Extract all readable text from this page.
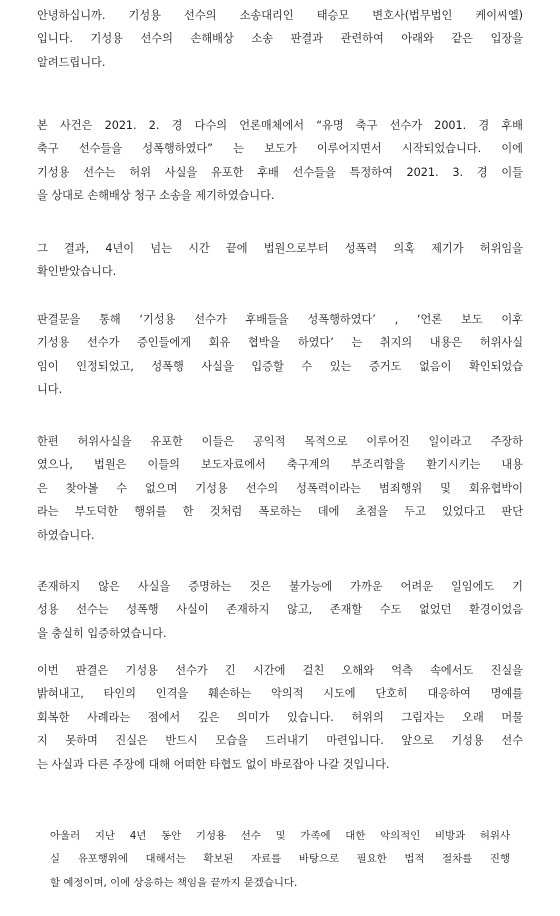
안녕하십니까. 기성용 선수의 소송대리인 태승모 변호사(법무법인 케이씨엘)
입니다. 기성용 선수의 손해배상 소송 판결과 관련하여 아래와 같은 입장을
알려드립니다.

본 사건은 2021. 2. 경 다수의 언론매체에서 “유명 축구 선수가 2001. 경 후배
축구 선수들을 성폭행하였다” 는 보도가 이루어지면서 시작되었습니다. 이에
기성용 선수는 허위 사실을 유포한 후배 선수들을 특정하여 2021. 3. 경 이들
을 상대로 손해배상 청구 소송을 제기하였습니다.

그 결과, 4년이 넘는 시간 끝에 법원으로부터 성폭력 의혹 제기가 허위임을
확인받았습니다.

판결문을 통해 ‘기성용 선수가 후배들을 성폭행하였다’ , ‘언론 보도 이후
기성용 선수가 증인들에게 회유 협박을 하였다’ 는 취지의 내용은 허위사실
임이 인정되었고, 성폭행 사실을 입증할 수 있는 증거도 없음이 확인되었습
니다.

한편 허위사실을 유포한 이들은 공익적 목적으로 이루어진 일이라고 주장하
였으나, 법원은 이들의 보도자료에서 축구계의 부조리함을 환기시키는 내용
은 찾아볼 수 없으며 기성용 선수의 성폭력이라는 범죄행위 및 회유협박이
라는 부도덕한 행위를 한 것처럼 폭로하는 데에 초점을 두고 있었다고 판단
하였습니다.

존재하지 않은 사실을 증명하는 것은 불가능에 가까운 어려운 일임에도 기
성용 선수는 성폭행 사실이 존재하지 않고, 존재할 수도 없었던 환경이었음
을 충실히 입증하였습니다.

이번 판결은 기성용 선수가 긴 시간에 걸친 오해와 억측 속에서도 진실을
밝혀내고, 타인의 인격을 훼손하는 악의적 시도에 단호히 대응하여 명예를
회복한 사례라는 점에서 깊은 의미가 있습니다. 허위의 그림자는 오래 머물
지 못하며 진실은 반드시 모습을 드러내기 마련입니다. 앞으로 기성용 선수
는 사실과 다른 주장에 대해 어떠한 타협도 없이 바로잡아 나갈 것입니다.

아울러 지난 4년 동안 기성용 선수 및 가족에 대한 악의적인 비방과 허위사
실 유포행위에 대해서는 확보된 자료를 바탕으로 필요한 법적 절차를 진행
할 예정이며, 이에 상응하는 책임을 끝까지 묻겠습니다.
